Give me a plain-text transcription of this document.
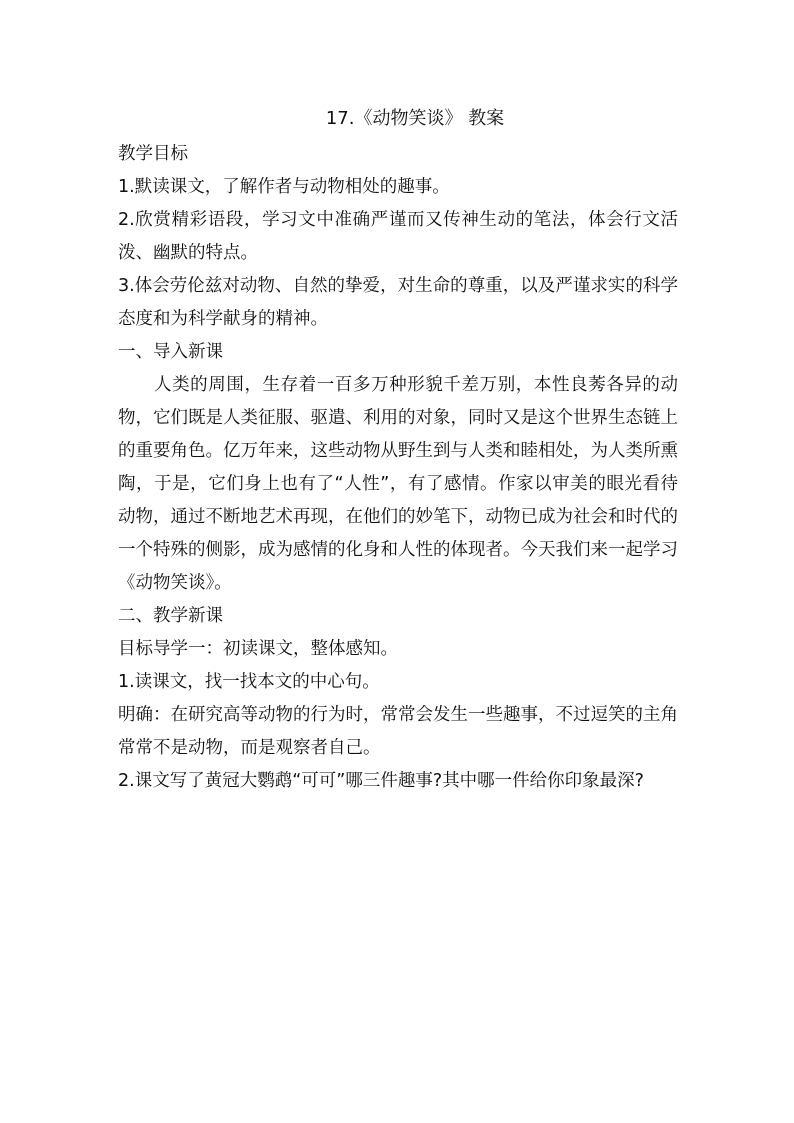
17.《动物笑谈》 教案

教学目标

1.默读课文，了解作者与动物相处的趣事。

2.欣赏精彩语段，学习文中准确严谨而又传神生动的笔法，体会行文活泼、幽默的特点。

3.体会劳伦兹对动物、自然的挚爱，对生命的尊重，以及严谨求实的科学态度和为科学献身的精神。

一、导入新课

人类的周围，生存着一百多万种形貌千差万别，本性良莠各异的动物，它们既是人类征服、驱遣、利用的对象，同时又是这个世界生态链上的重要角色。亿万年来，这些动物从野生到与人类和睦相处，为人类所熏陶，于是，它们身上也有了“人性”，有了感情。作家以审美的眼光看待动物，通过不断地艺术再现，在他们的妙笔下，动物已成为社会和时代的一个特殊的侧影，成为感情的化身和人性的体现者。今天我们来一起学习《动物笑谈》。

二、教学新课

目标导学一：初读课文，整体感知。

1.读课文，找一找本文的中心句。

明确：在研究高等动物的行为时，常常会发生一些趣事，不过逗笑的主角常常不是动物，而是观察者自己。

2.课文写了黄冠大鹦鹉“可可”哪三件趣事?其中哪一件给你印象最深?
